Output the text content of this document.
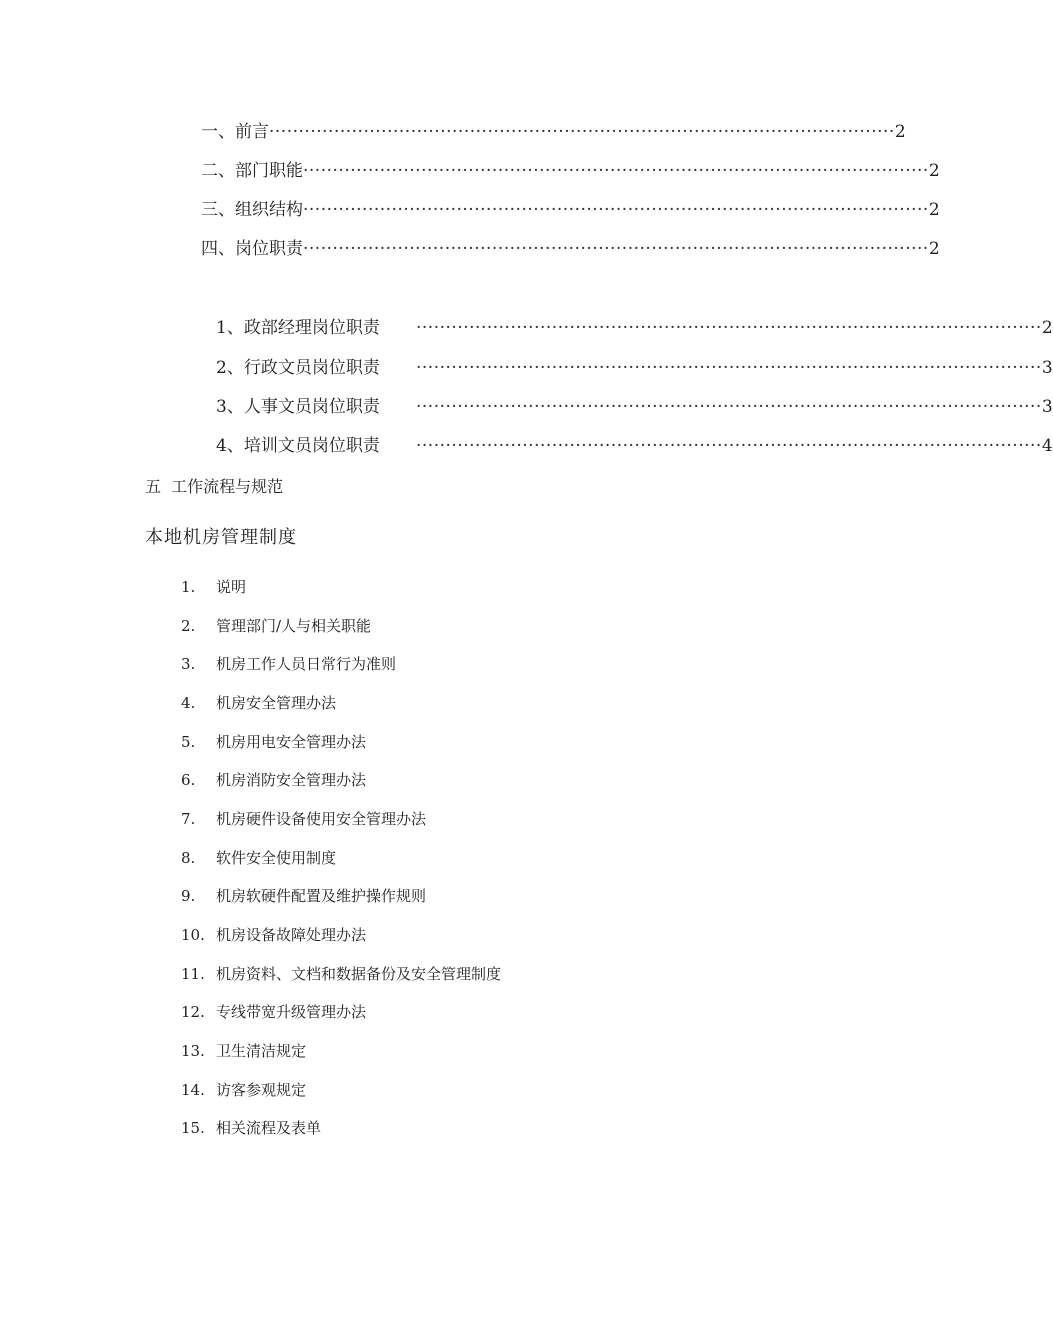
一、前言 ·········································································································· 2
二、部门职能 ·········································································································· 2
三、组织结构 ·········································································································· 2
四、岗位职责 ·········································································································· 2
1、政部经理岗位职责	·········································································································· 2
2、行政文员岗位职责	·········································································································· 3
3、人事文员岗位职责	·········································································································· 3
4、培训文员岗位职责	·········································································································· 4
五  工作流程与规范
本地机房管理制度
1. 说明
2. 管理部门/人与相关职能
3. 机房工作人员日常行为准则
4. 机房安全管理办法
5. 机房用电安全管理办法
6. 机房消防安全管理办法
7. 机房硬件设备使用安全管理办法
8. 软件安全使用制度
9. 机房软硬件配置及维护操作规则
10. 机房设备故障处理办法
11. 机房资料、文档和数据备份及安全管理制度
12. 专线带宽升级管理办法
13. 卫生清洁规定
14. 访客参观规定
15. 相关流程及表单
